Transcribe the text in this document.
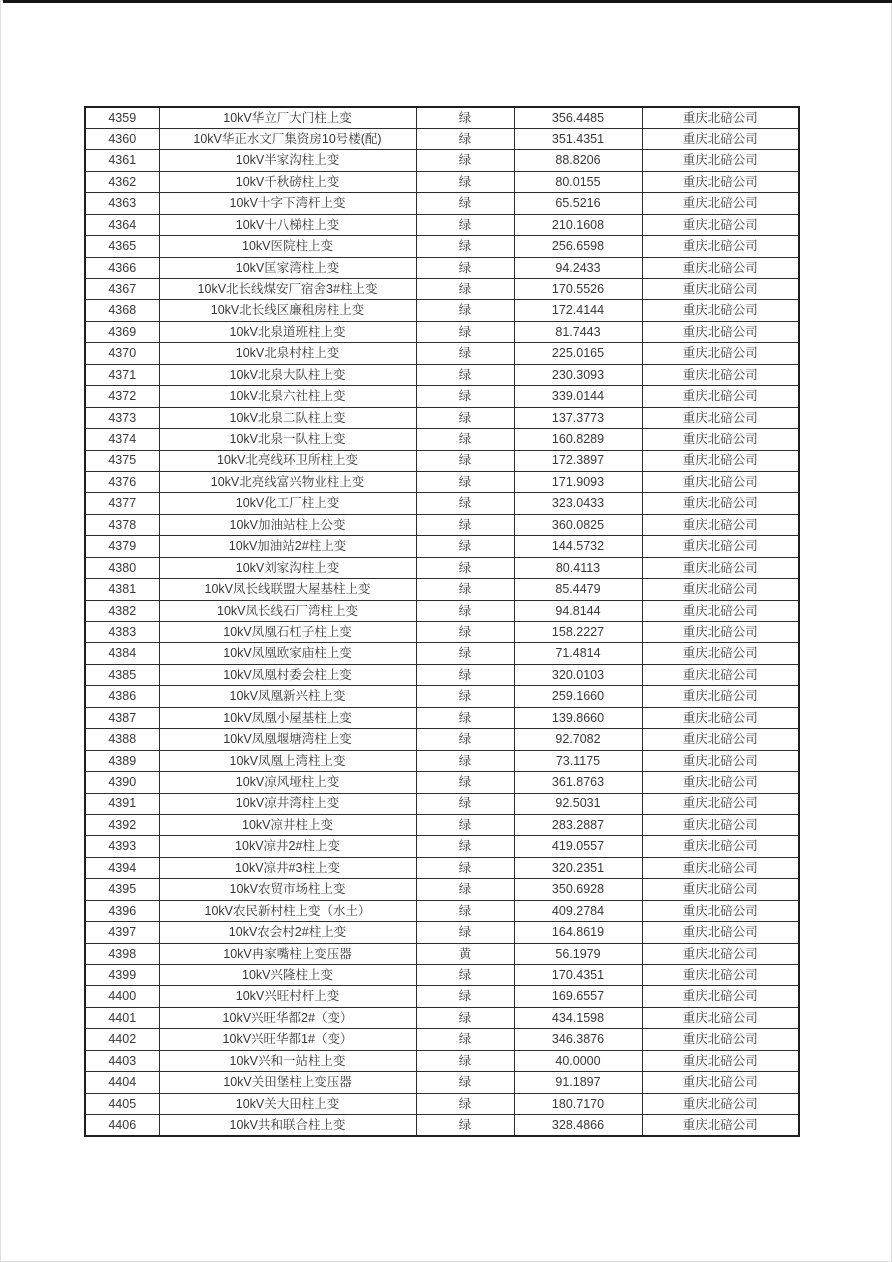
4359	10kV华立厂大门柱上变	绿	356.4485	重庆北碚公司
4360	10kV华正水文厂集资房10号楼(配)	绿	351.4351	重庆北碚公司
4361	10kV半家沟柱上变	绿	88.8206	重庆北碚公司
4362	10kV千秋磅柱上变	绿	80.0155	重庆北碚公司
4363	10kV十字下湾杆上变	绿	65.5216	重庆北碚公司
4364	10kV十八梯柱上变	绿	210.1608	重庆北碚公司
4365	10kV医院柱上变	绿	256.6598	重庆北碚公司
4366	10kV匡家湾柱上变	绿	94.2433	重庆北碚公司
4367	10kV北长线煤安厂宿舍3#柱上变	绿	170.5526	重庆北碚公司
4368	10kV北长线区廉租房柱上变	绿	172.4144	重庆北碚公司
4369	10kV北泉道班柱上变	绿	81.7443	重庆北碚公司
4370	10kV北泉村柱上变	绿	225.0165	重庆北碚公司
4371	10kV北泉大队柱上变	绿	230.3093	重庆北碚公司
4372	10kV北泉六社柱上变	绿	339.0144	重庆北碚公司
4373	10kV北泉二队柱上变	绿	137.3773	重庆北碚公司
4374	10kV北泉一队柱上变	绿	160.8289	重庆北碚公司
4375	10kV北亮线环卫所柱上变	绿	172.3897	重庆北碚公司
4376	10kV北亮线富兴物业柱上变	绿	171.9093	重庆北碚公司
4377	10kV化工厂柱上变	绿	323.0433	重庆北碚公司
4378	10kV加油站柱上公变	绿	360.0825	重庆北碚公司
4379	10kV加油站2#柱上变	绿	144.5732	重庆北碚公司
4380	10kV刘家沟柱上变	绿	80.4113	重庆北碚公司
4381	10kV凤长线联盟大屋基柱上变	绿	85.4479	重庆北碚公司
4382	10kV凤长线石厂湾柱上变	绿	94.8144	重庆北碚公司
4383	10kV凤凰石杠子柱上变	绿	158.2227	重庆北碚公司
4384	10kV凤凰欧家庙柱上变	绿	71.4814	重庆北碚公司
4385	10kV凤凰村委会柱上变	绿	320.0103	重庆北碚公司
4386	10kV凤凰新兴柱上变	绿	259.1660	重庆北碚公司
4387	10kV凤凰小屋基柱上变	绿	139.8660	重庆北碚公司
4388	10kV凤凰堰塘湾柱上变	绿	92.7082	重庆北碚公司
4389	10kV凤凰上湾柱上变	绿	73.1175	重庆北碚公司
4390	10kV凉风垭柱上变	绿	361.8763	重庆北碚公司
4391	10kV凉井湾柱上变	绿	92.5031	重庆北碚公司
4392	10kV凉井柱上变	绿	283.2887	重庆北碚公司
4393	10kV凉井2#柱上变	绿	419.0557	重庆北碚公司
4394	10kV凉井#3柱上变	绿	320.2351	重庆北碚公司
4395	10kV农贸市场柱上变	绿	350.6928	重庆北碚公司
4396	10kV农民新村柱上变（水土）	绿	409.2784	重庆北碚公司
4397	10kV农会村2#柱上变	绿	164.8619	重庆北碚公司
4398	10kV冉家嘴柱上变压器	黄	56.1979	重庆北碚公司
4399	10kV兴隆柱上变	绿	170.4351	重庆北碚公司
4400	10kV兴旺村杆上变	绿	169.6557	重庆北碚公司
4401	10kV兴旺华都2#（变）	绿	434.1598	重庆北碚公司
4402	10kV兴旺华都1#（变）	绿	346.3876	重庆北碚公司
4403	10kV兴和一站柱上变	绿	40.0000	重庆北碚公司
4404	10kV关田堡柱上变压器	绿	91.1897	重庆北碚公司
4405	10kV关大田柱上变	绿	180.7170	重庆北碚公司
4406	10kV共和联合柱上变	绿	328.4866	重庆北碚公司
